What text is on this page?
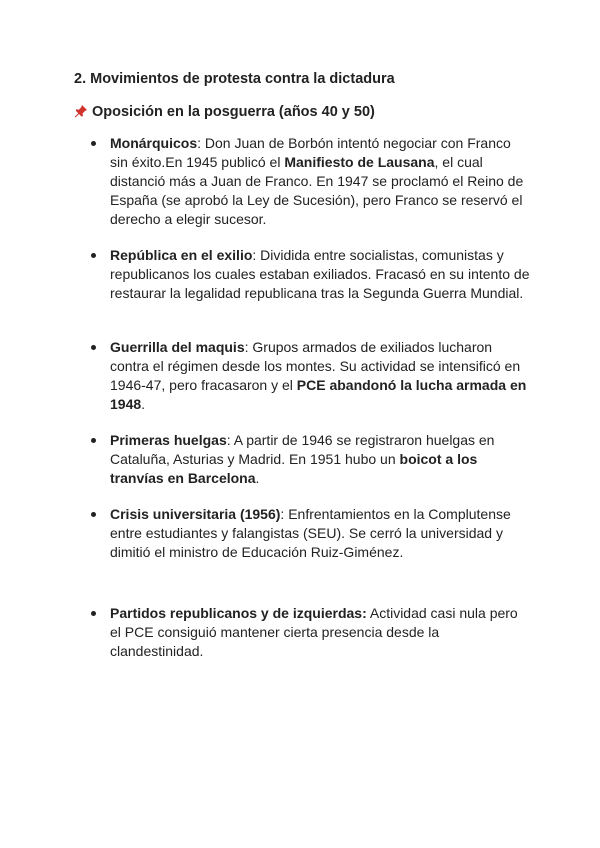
2. Movimientos de protesta contra la dictadura
Oposición en la posguerra (años 40 y 50)
Monárquicos: Don Juan de Borbón intentó negociar con Franco sin éxito.En 1945 publicó el Manifiesto de Lausana, el cual distanció más a Juan de Franco. En 1947 se proclamó el Reino de España (se aprobó la Ley de Sucesión), pero Franco se reservó el derecho a elegir sucesor.
República en el exilio: Dividida entre socialistas, comunistas y republicanos los cuales estaban exiliados. Fracasó en su intento de restaurar la legalidad republicana tras la Segunda Guerra Mundial.
Guerrilla del maquis: Grupos armados de exiliados lucharon contra el régimen desde los montes. Su actividad se intensificó en 1946-47, pero fracasaron y el PCE abandonó la lucha armada en 1948.
Primeras huelgas: A partir de 1946 se registraron huelgas en Cataluña, Asturias y Madrid. En 1951 hubo un boicot a los tranvías en Barcelona.
Crisis universitaria (1956): Enfrentamientos en la Complutense entre estudiantes y falangistas (SEU). Se cerró la universidad y dimitió el ministro de Educación Ruiz-Giménez.
Partidos republicanos y de izquierdas: Actividad casi nula pero el PCE consiguió mantener cierta presencia desde la clandestinidad.
